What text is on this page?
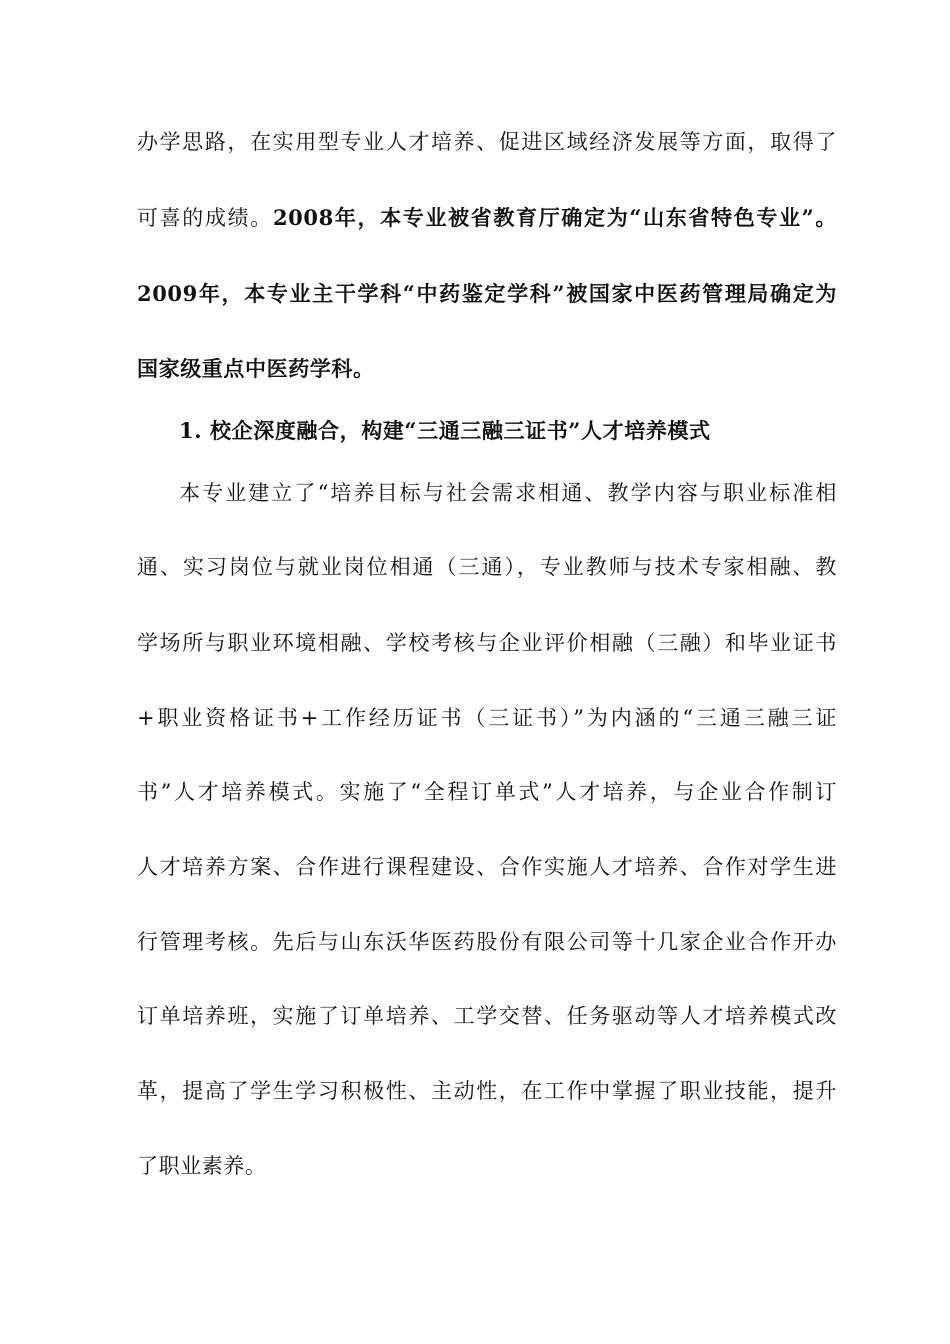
办学思路，在实用型专业人才培养、促进区域经济发展等方面，取得了
可喜的成绩。2008年，本专业被省教育厅确定为“山东省特色专业”。
2009年，本专业主干学科“中药鉴定学科”被国家中医药管理局确定为
国家级重点中医药学科。
1. 校企深度融合，构建“三通三融三证书”人才培养模式
本专业建立了“培养目标与社会需求相通、教学内容与职业标准相
通、实习岗位与就业岗位相通（三通），专业教师与技术专家相融、教
学场所与职业环境相融、学校考核与企业评价相融（三融）和毕业证书
+职业资格证书+工作经历证书（三证书）”为内涵的“三通三融三证
书”人才培养模式。实施了“全程订单式”人才培养，与企业合作制订
人才培养方案、合作进行课程建设、合作实施人才培养、合作对学生进
行管理考核。先后与山东沃华医药股份有限公司等十几家企业合作开办
订单培养班，实施了订单培养、工学交替、任务驱动等人才培养模式改
革，提高了学生学习积极性、主动性，在工作中掌握了职业技能，提升
了职业素养。
